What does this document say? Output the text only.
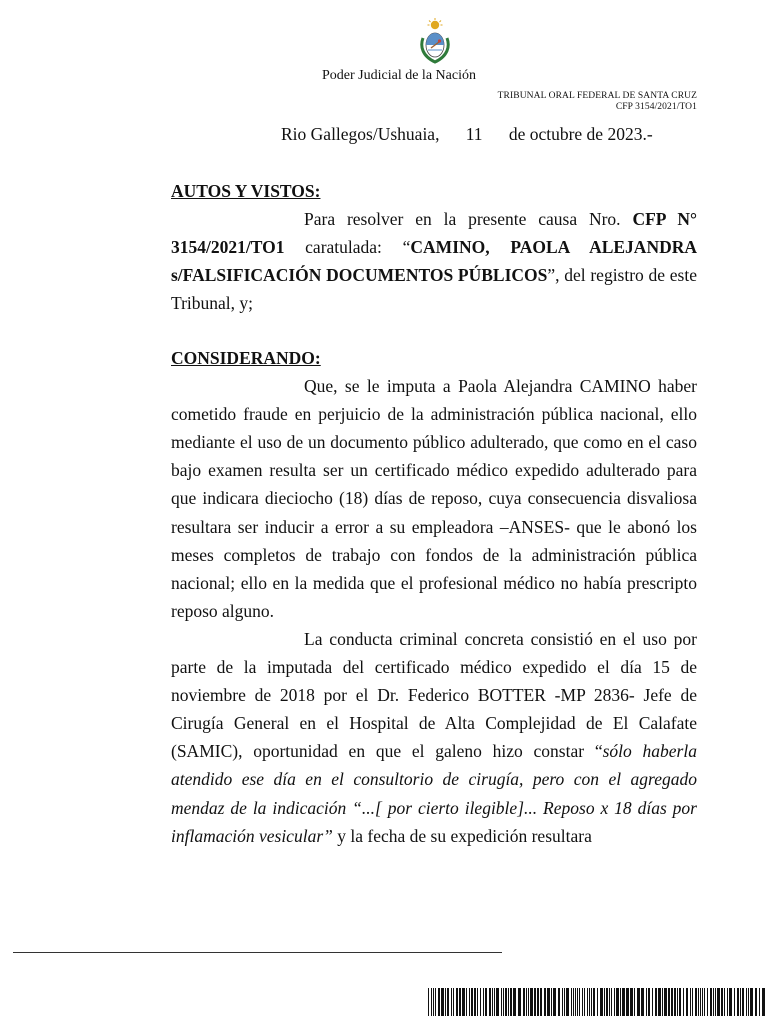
Poder Judicial de la Nación
TRIBUNAL ORAL FEDERAL DE SANTA CRUZ
CFP 3154/2021/TO1
Rio Gallegos/Ushuaia, 11 de octubre de 2023.-

AUTOS Y VISTOS:

Para resolver en la presente causa Nro. CFP N° 3154/2021/TO1 caratulada: “CAMINO, PAOLA ALEJANDRA s/FALSIFICACIÓN DOCUMENTOS PÚBLICOS”, del registro de este Tribunal, y;

CONSIDERANDO:

Que, se le imputa a Paola Alejandra CAMINO haber cometido fraude en perjuicio de la administración pública nacional, ello mediante el uso de un documento público adulterado, que como en el caso bajo examen resulta ser un certificado médico expedido adulterado para que indicara dieciocho (18) días de reposo, cuya consecuencia disvaliosa resultara ser inducir a error a su empleadora –ANSES- que le abonó los meses completos de trabajo con fondos de la administración pública nacional; ello en la medida que el profesional médico no había prescripto reposo alguno.

La conducta criminal concreta consistió en el uso por parte de la imputada del certificado médico expedido el día 15 de noviembre de 2018 por el Dr. Federico BOTTER -MP 2836- Jefe de Cirugía General en el Hospital de Alta Complejidad de El Calafate (SAMIC), oportunidad en que el galeno hizo constar “sólo haberla atendido ese día en el consultorio de cirugía, pero con el agregado mendaz de la indicación “...[ por cierto ilegible]... Reposo x 18 días por inflamación vesicular” y la fecha de su expedición resultara
